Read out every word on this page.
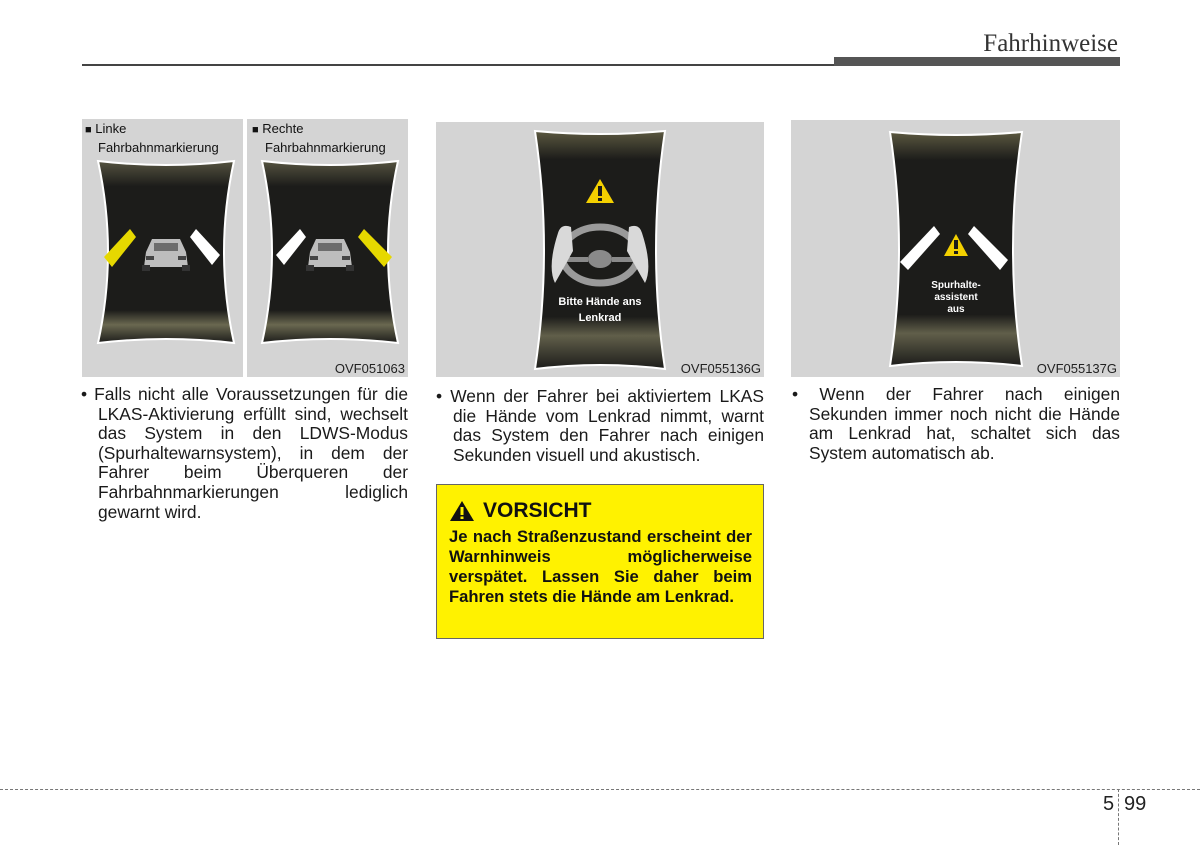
Fahrhinweise
■ Linke
Fahrbahnmarkierung
■ Rechte
Fahrbahnmarkierung
OVF051063
Bitte Hände ans
Lenkrad
OVF055136G
Spurhalte-
assistent
aus
OVF055137G
• Falls nicht alle Voraussetzungen für die LKAS-Aktivierung erfüllt sind, wechselt das System in den LDWS-Modus (Spurhaltewarnsystem), in dem der Fahrer beim Überqueren der Fahrbahnmarkierungen lediglich gewarnt wird.
• Wenn der Fahrer bei aktiviertem LKAS die Hände vom Lenkrad nimmt, warnt das System den Fahrer nach einigen Sekunden visuell und akustisch.
• Wenn der Fahrer nach einigen Sekunden immer noch nicht die Hände am Lenkrad hat, schaltet sich das System automatisch ab.
VORSICHT
Je nach Straßenzustand erscheint der Warnhinweis möglicherweise verspätet. Lassen Sie daher beim Fahren stets die Hände am Lenkrad.
5 99
